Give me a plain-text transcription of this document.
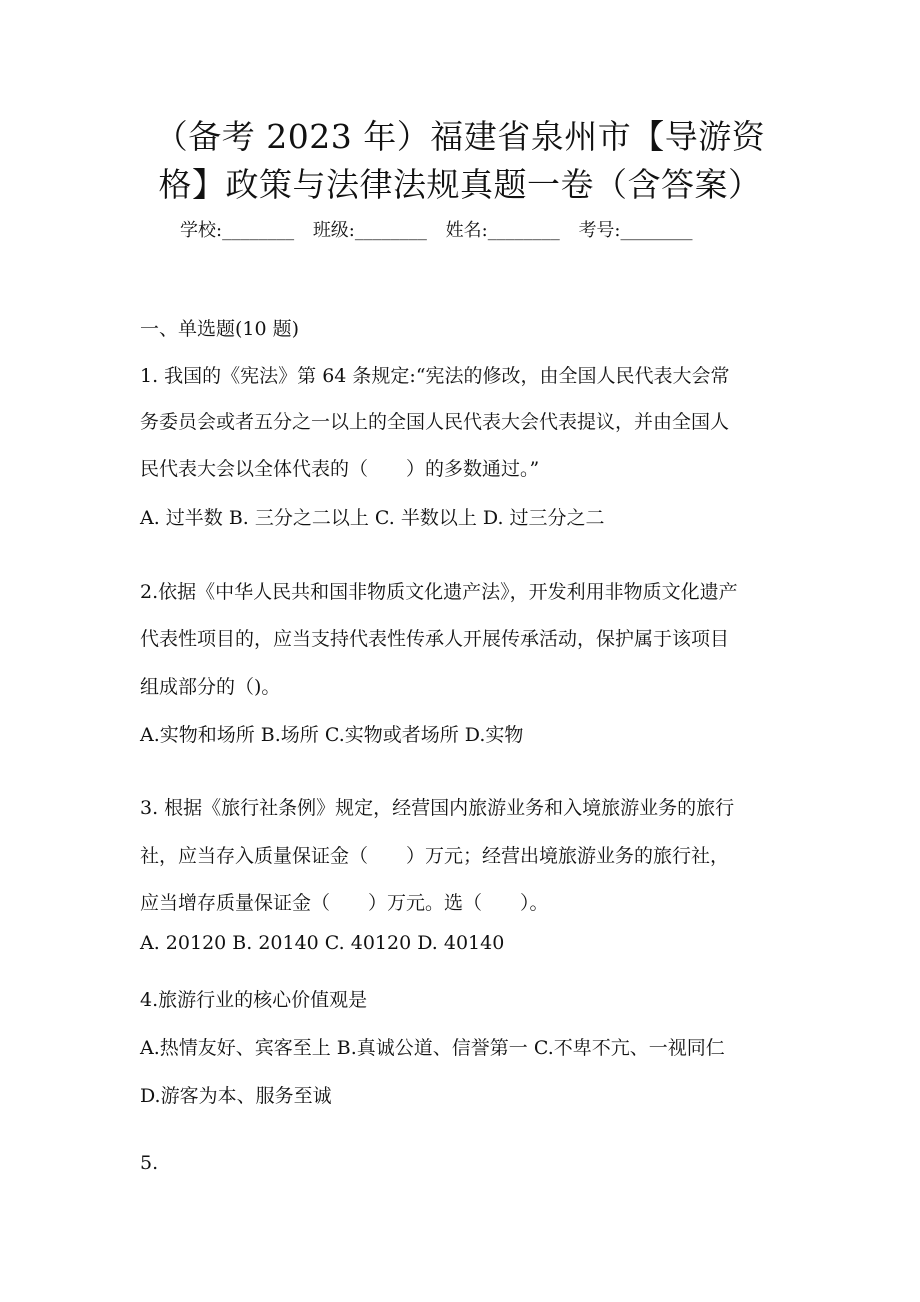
（备考 2023 年）福建省泉州市【导游资
格】政策与法律法规真题一卷（含答案）
学校:________ 班级:________ 姓名:________ 考号:________

一、单选题(10 题)

1. 我国的《宪法》第 64 条规定:“宪法的修改，由全国人民代表大会常

务委员会或者五分之一以上的全国人民代表大会代表提议，并由全国人

民代表大会以全体代表的（　　）的多数通过。”

A. 过半数 B. 三分之二以上 C. 半数以上 D. 过三分之二

2.依据《中华人民共和国非物质文化遗产法》，开发利用非物质文化遗产

代表性项目的，应当支持代表性传承人开展传承活动，保护属于该项目

组成部分的（)。

A.实物和场所 B.场所 C.实物或者场所 D.实物

3. 根据《旅行社条例》规定，经营国内旅游业务和入境旅游业务的旅行

社，应当存入质量保证金（　　）万元；经营出境旅游业务的旅行社，

应当增存质量保证金（　　）万元。选（　　）。

A. 20120 B. 20140 C. 40120 D. 40140

4.旅游行业的核心价值观是

A.热情友好、宾客至上 B.真诚公道、信誉第一 C.不卑不亢、一视同仁

D.游客为本、服务至诚

5.
